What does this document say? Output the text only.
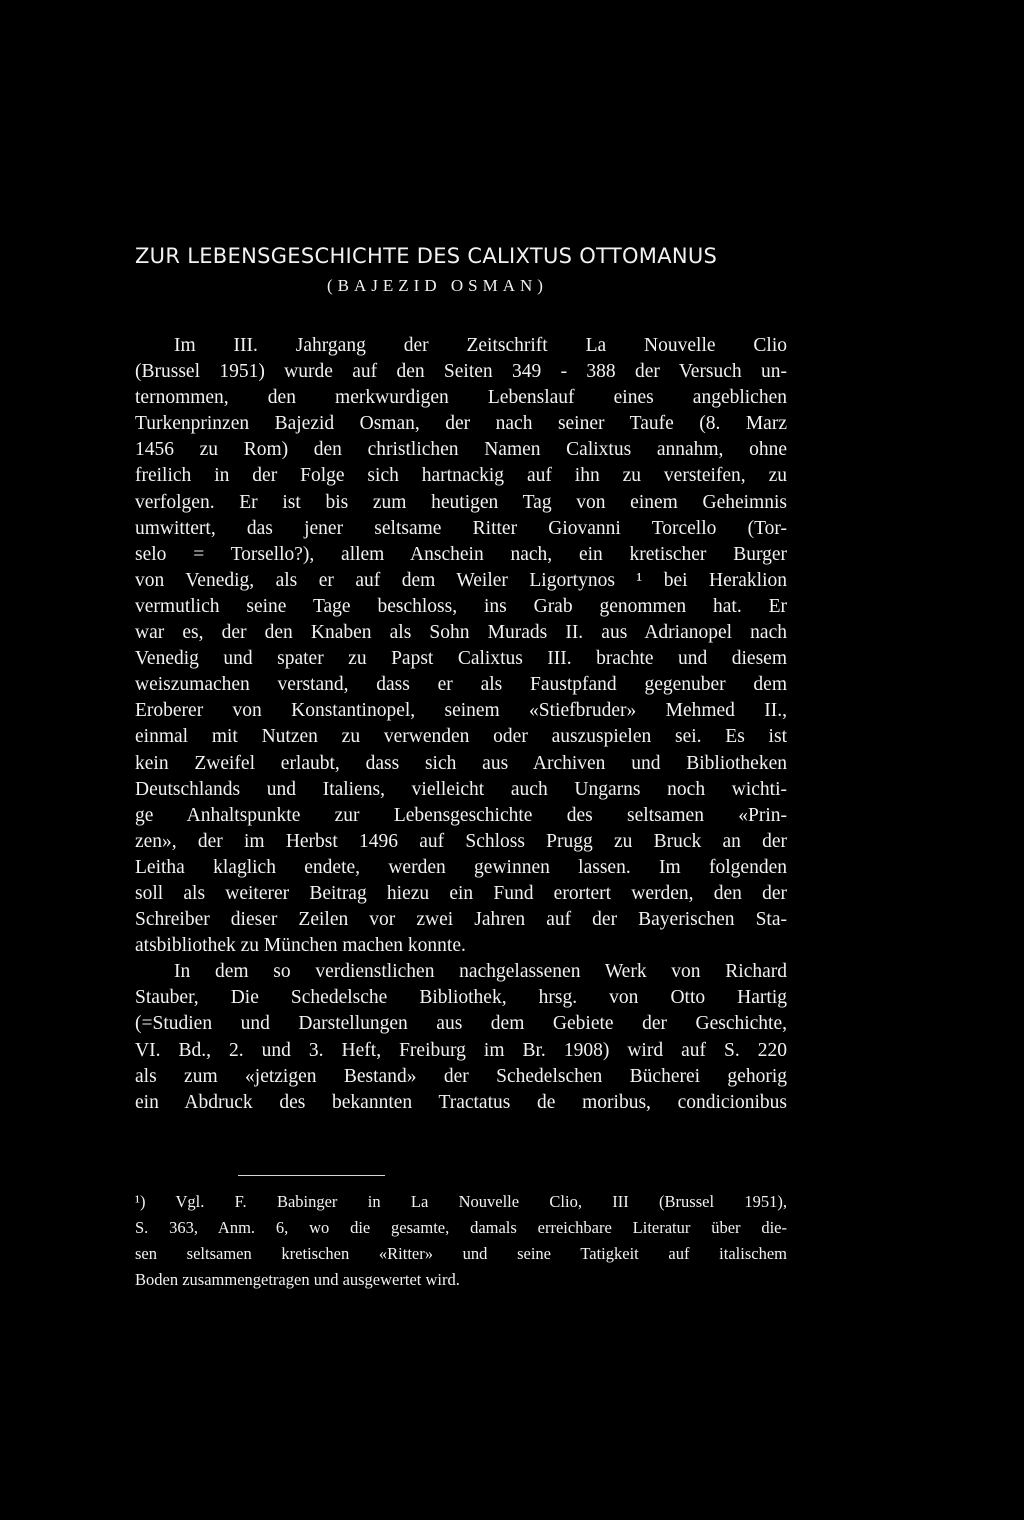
ZUR LEBENSGESCHICHTE DES CALIXTUS OTTOMANUS
(BAJEZID OSMAN)
Im III. Jahrgang der Zeitschrift La Nouvelle Clio
(Brussel 1951) wurde auf den Seiten 349 - 388 der Versuch un-
ternommen, den merkwurdigen Lebenslauf eines angeblichen
Turkenprinzen Bajezid Osman, der nach seiner Taufe (8. Marz
1456 zu Rom) den christlichen Namen Calixtus annahm, ohne
freilich in der Folge sich hartnackig auf ihn zu versteifen, zu
verfolgen. Er ist bis zum heutigen Tag von einem Geheimnis
umwittert, das jener seltsame Ritter Giovanni Torcello (Tor-
selo = Torsello?), allem Anschein nach, ein kretischer Burger
von Venedig, als er auf dem Weiler Ligortynos ¹ bei Heraklion
vermutlich seine Tage beschloss, ins Grab genommen hat. Er
war es, der den Knaben als Sohn Murads II. aus Adrianopel nach
Venedig und spater zu Papst Calixtus III. brachte und diesem
weiszumachen verstand, dass er als Faustpfand gegenuber dem
Eroberer von Konstantinopel, seinem «Stiefbruder» Mehmed II.,
einmal mit Nutzen zu verwenden oder auszuspielen sei. Es ist
kein Zweifel erlaubt, dass sich aus Archiven und Bibliotheken
Deutschlands und Italiens, vielleicht auch Ungarns noch wichti-
ge Anhaltspunkte zur Lebensgeschichte des seltsamen «Prin-
zen», der im Herbst 1496 auf Schloss Prugg zu Bruck an der
Leitha klaglich endete, werden gewinnen lassen. Im folgenden
soll als weiterer Beitrag hiezu ein Fund erortert werden, den der
Schreiber dieser Zeilen vor zwei Jahren auf der Bayerischen Sta-
atsbibliothek zu München machen konnte.
In dem so verdienstlichen nachgelassenen Werk von Richard
Stauber, Die Schedelsche Bibliothek, hrsg. von Otto Hartig
(=Studien und Darstellungen aus dem Gebiete der Geschichte,
VI. Bd., 2. und 3. Heft, Freiburg im Br. 1908) wird auf S. 220
als zum «jetzigen Bestand» der Schedelschen Bücherei gehorig
ein Abdruck des bekannten Tractatus de moribus, condicionibus
¹) Vgl. F. Babinger in La Nouvelle Clio, III (Brussel 1951),
S. 363, Anm. 6, wo die gesamte, damals erreichbare Literatur über die-
sen seltsamen kretischen «Ritter» und seine Tatigkeit auf italischem
Boden zusammengetragen und ausgewertet wird.
